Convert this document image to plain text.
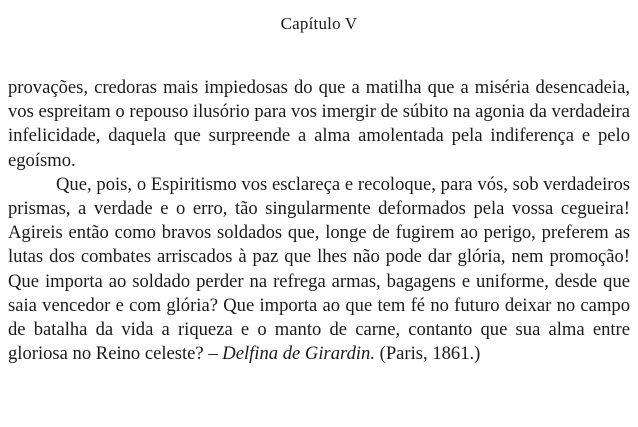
Capítulo V

provações, credoras mais impiedosas do que a matilha que a miséria desencadeia, vos espreitam o repouso ilusório para vos imergir de súbito na agonia da verdadeira infelicidade, daquela que surpreende a alma amolentada pela indiferença e pelo egoísmo.

Que, pois, o Espiritismo vos esclareça e recoloque, para vós, sob verdadeiros prismas, a verdade e o erro, tão singularmente deformados pela vossa cegueira! Agireis então como bravos soldados que, longe de fugirem ao perigo, preferem as lutas dos combates arriscados à paz que lhes não pode dar glória, nem promoção! Que importa ao soldado perder na refrega armas, bagagens e uniforme, desde que saia vencedor e com glória? Que importa ao que tem fé no futuro deixar no campo de batalha da vida a riqueza e o manto de carne, contanto que sua alma entre gloriosa no Reino celeste? – Delfina de Girardin. (Paris, 1861.)
